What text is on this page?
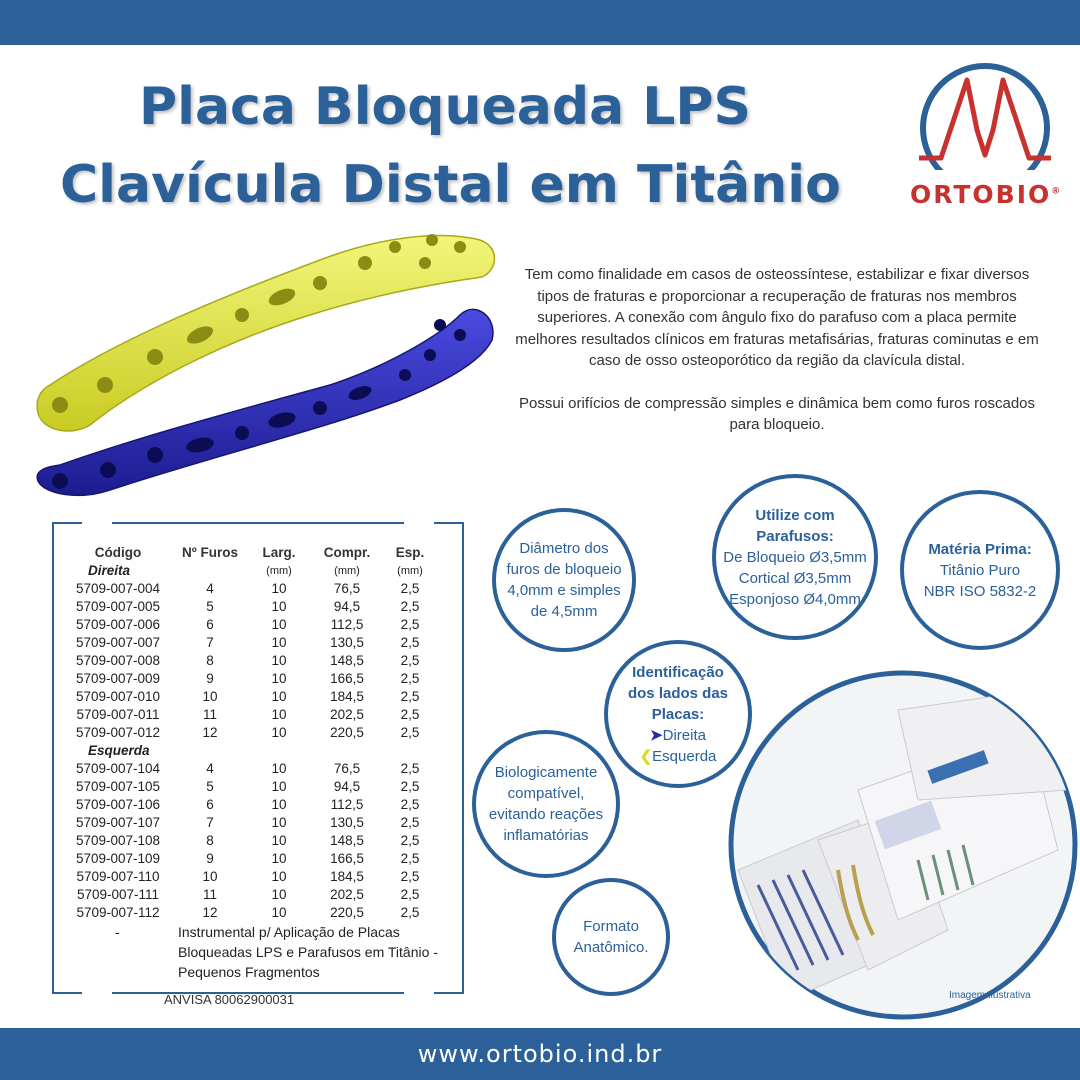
Placa Bloqueada LPS
Clavícula Distal em Titânio	ORTOBIO®

Tem como finalidade em casos de osteossíntese, estabilizar e fixar diversos tipos de fraturas e proporcionar a recuperação de fraturas nos membros superiores. A conexão com ângulo fixo do parafuso com a placa permite melhores resultados clínicos em fraturas metafisárias, fraturas cominutas e em caso de osso osteoporótico da região da clavícula distal.

Possui orifícios de compressão simples e dinâmica bem como furos roscados para bloqueio.

Código	Nº Furos	Larg.	Compr.	Esp.
Direita		(mm)	(mm)	(mm)
5709-007-004	4	10	76,5	2,5
5709-007-005	5	10	94,5	2,5
5709-007-006	6	10	112,5	2,5
5709-007-007	7	10	130,5	2,5
5709-007-008	8	10	148,5	2,5
5709-007-009	9	10	166,5	2,5
5709-007-010	10	10	184,5	2,5
5709-007-011	11	10	202,5	2,5
5709-007-012	12	10	220,5	2,5
Esquerda				
5709-007-104	4	10	76,5	2,5
5709-007-105	5	10	94,5	2,5
5709-007-106	6	10	112,5	2,5
5709-007-107	7	10	130,5	2,5
5709-007-108	8	10	148,5	2,5
5709-007-109	9	10	166,5	2,5
5709-007-110	10	10	184,5	2,5
5709-007-111	11	10	202,5	2,5
5709-007-112	12	10	220,5	2,5
-	Instrumental p/ Aplicação de Placas Bloqueadas LPS e Parafusos em Titânio - Pequenos Fragmentos
ANVISA 80062900031
Diâmetro dos furos de bloqueio 4,0mm e simples de 4,5mm
Utilize com Parafusos:
De Bloqueio Ø3,5mm
Cortical Ø3,5mm
Esponjoso Ø4,0mm
Matéria Prima:
Titânio Puro
NBR ISO 5832-2
Identificação dos lados das Placas:
➤Direita
❮Esquerda
Biologicamente compatível, evitando reações inflamatórias
Formato Anatômico.
Imagem Ilustrativa
www.ortobio.ind.br
